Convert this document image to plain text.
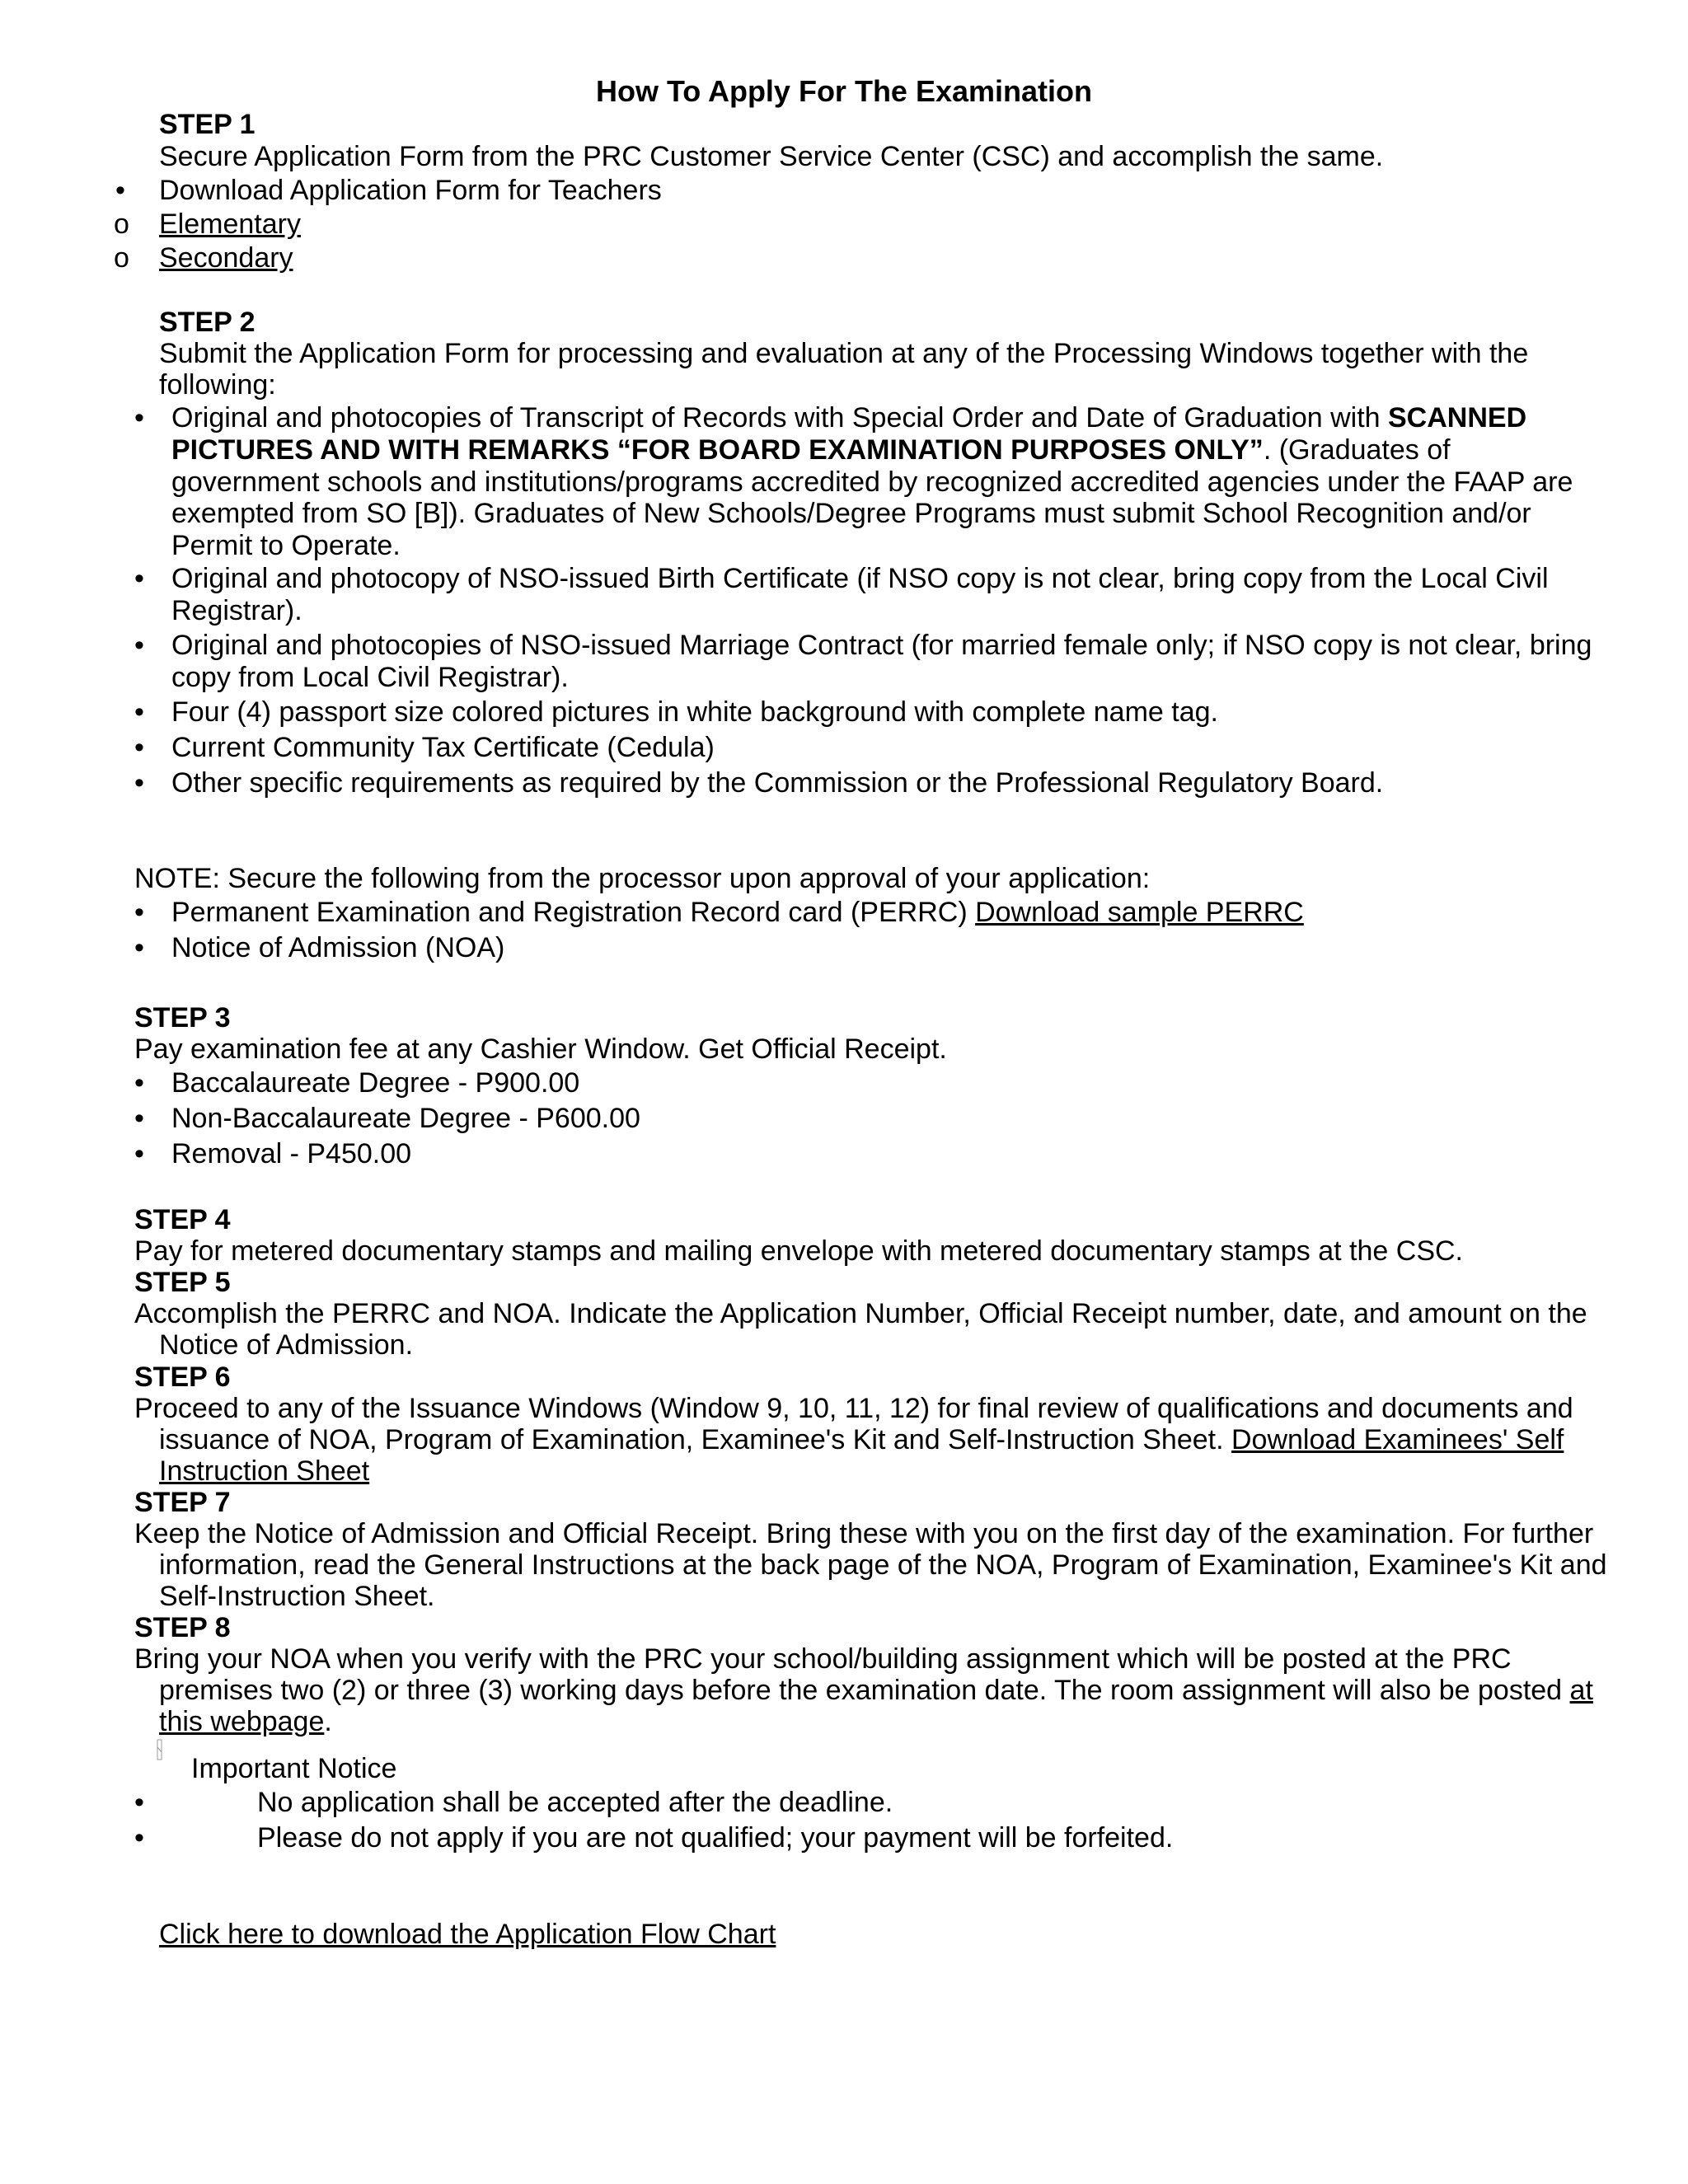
How To Apply For The Examination
STEP 1
Secure Application Form from the PRC Customer Service Center (CSC) and accomplish the same.
• Download Application Form for Teachers
o Elementary
o Secondary
STEP 2
Submit the Application Form for processing and evaluation at any of the Processing Windows together with the
following:
• Original and photocopies of Transcript of Records with Special Order and Date of Graduation with SCANNED
PICTURES AND WITH REMARKS “FOR BOARD EXAMINATION PURPOSES ONLY”. (Graduates of
government schools and institutions/programs accredited by recognized accredited agencies under the FAAP are
exempted from SO [B]). Graduates of New Schools/Degree Programs must submit School Recognition and/or
Permit to Operate.
• Original and photocopy of NSO-issued Birth Certificate (if NSO copy is not clear, bring copy from the Local Civil
Registrar).
• Original and photocopies of NSO-issued Marriage Contract (for married female only; if NSO copy is not clear, bring
copy from Local Civil Registrar).
• Four (4) passport size colored pictures in white background with complete name tag.
• Current Community Tax Certificate (Cedula)
• Other specific requirements as required by the Commission or the Professional Regulatory Board.
NOTE: Secure the following from the processor upon approval of your application:
• Permanent Examination and Registration Record card (PERRC) Download sample PERRC
• Notice of Admission (NOA)
STEP 3
Pay examination fee at any Cashier Window. Get Official Receipt.
• Baccalaureate Degree - P900.00
• Non-Baccalaureate Degree - P600.00
• Removal - P450.00
STEP 4
Pay for metered documentary stamps and mailing envelope with metered documentary stamps at the CSC.
STEP 5
Accomplish the PERRC and NOA. Indicate the Application Number, Official Receipt number, date, and amount on the
Notice of Admission.
STEP 6
Proceed to any of the Issuance Windows (Window 9, 10, 11, 12) for final review of qualifications and documents and
issuance of NOA, Program of Examination, Examinee's Kit and Self-Instruction Sheet. Download Examinees' Self
Instruction Sheet
STEP 7
Keep the Notice of Admission and Official Receipt. Bring these with you on the first day of the examination. For further
information, read the General Instructions at the back page of the NOA, Program of Examination, Examinee's Kit and
Self-Instruction Sheet.
STEP 8
Bring your NOA when you verify with the PRC your school/building assignment which will be posted at the PRC
premises two (2) or three (3) working days before the examination date. The room assignment will also be posted at
this webpage.
Important Notice
•	No application shall be accepted after the deadline.
•	Please do not apply if you are not qualified; your payment will be forfeited.
Click here to download the Application Flow Chart
